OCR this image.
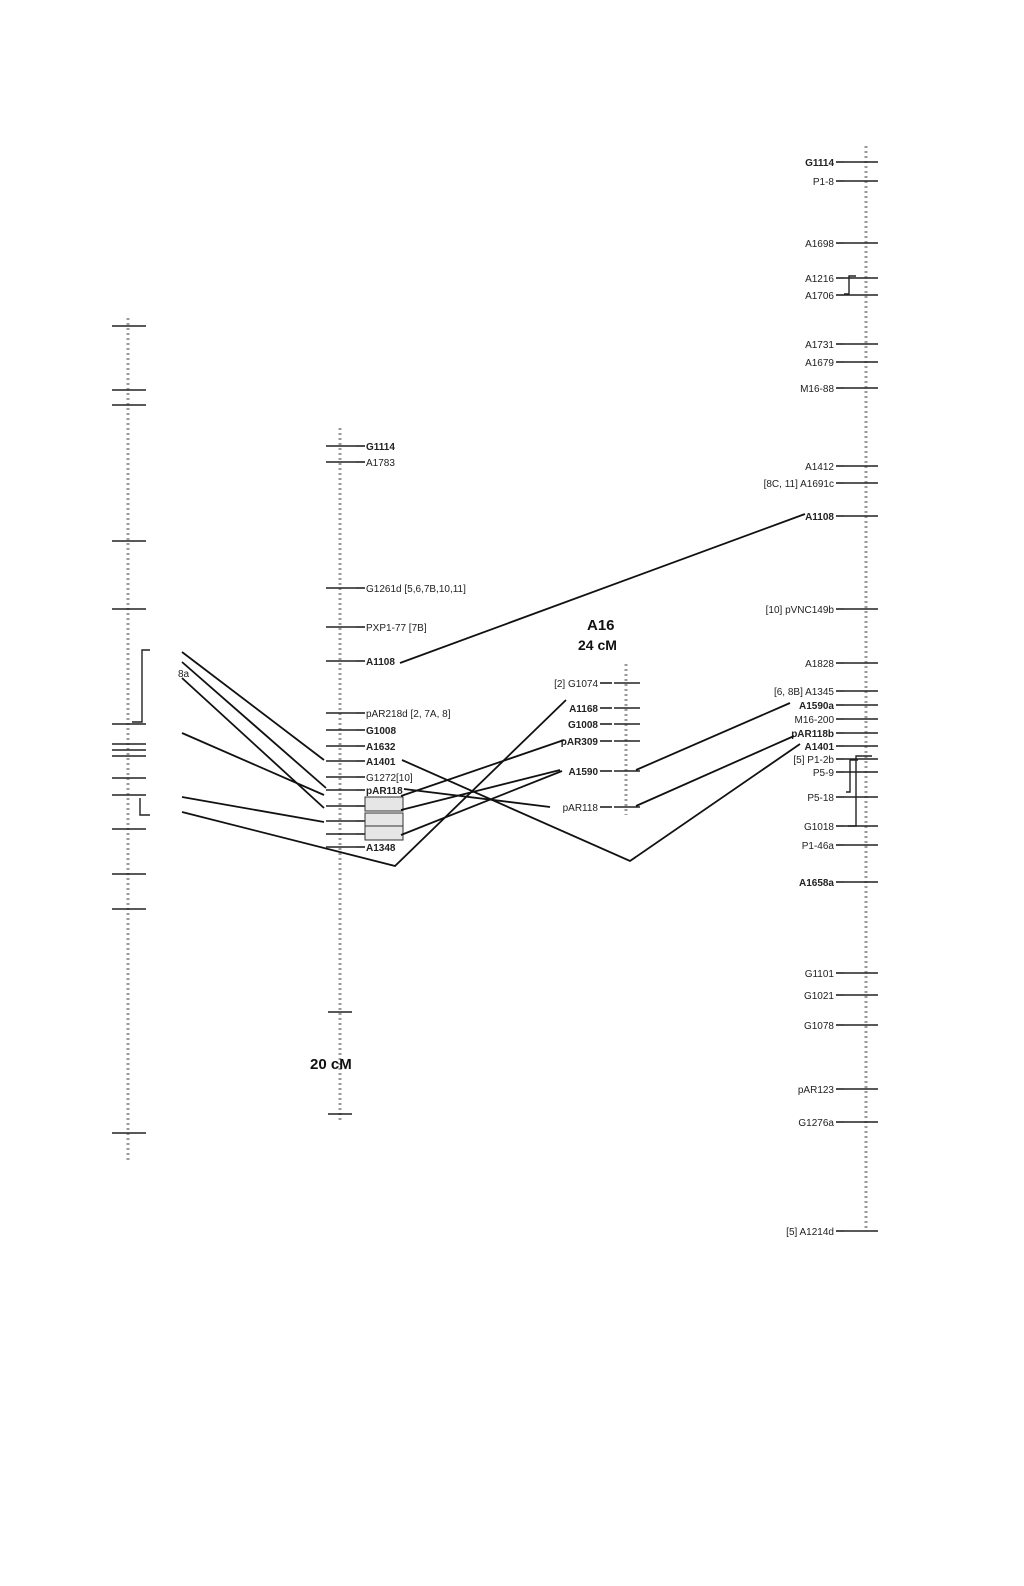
8a
G1114
A1783
G1261d [5,6,7B,10,11]
PXP1-77 [7B]
A1108
pAR218d [2, 7A, 8]
G1008
A1632
A1401
G1272[10]
pAR118
A1348
20 cM
A16
24 cM
[2] G1074
A1168
G1008
pAR309
A1590
pAR118
G1114
P1-8
A1698
A1216
A1706
A1731
A1679
M16-88
A1412
[8C, 11] A1691c
A1108
[10] pVNC149b
A1828
[6, 8B] A1345
A1590a
M16-200
pAR118b
A1401
[5] P1-2b
P5-9
P5-18
G1018
P1-46a
A1658a
G1101
G1021
G1078
pAR123
G1276a
[5] A1214d
